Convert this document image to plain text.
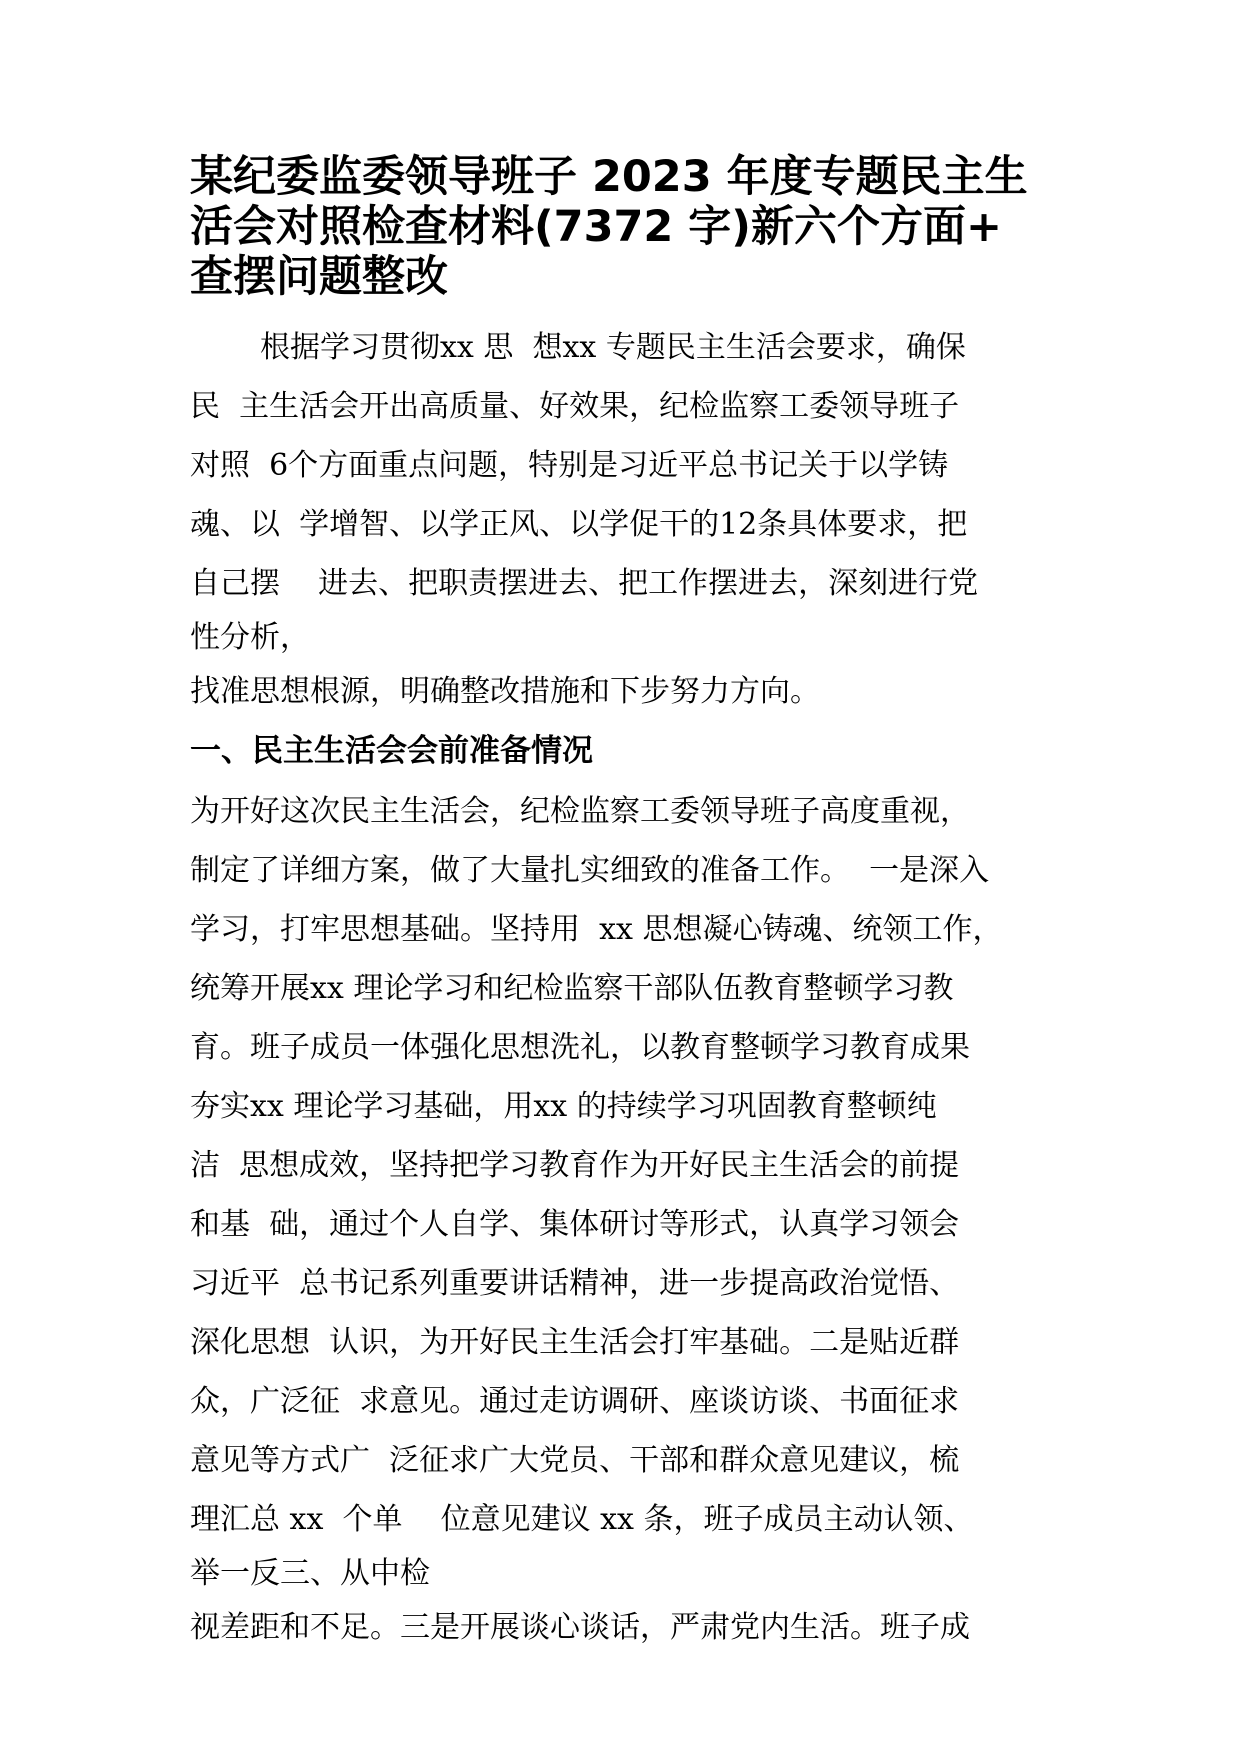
某纪委监委领导班子 2023 年度专题民主生
活会对照检查材料(7372 字)新六个方面+
查摆问题整改
根据学习贯彻xx 思  想xx 专题民主生活会要求，确保
民  主生活会开出高质量、好效果，纪检监察工委领导班子
对照  6个方面重点问题，特别是习近平总书记关于以学铸
魂、以  学增智、以学正风、以学促干的12条具体要求，把
自己摆    进去、把职责摆进去、把工作摆进去，深刻进行党
性分析，
找准思想根源，明确整改措施和下步努力方向。
一、民主生活会会前准备情况
为开好这次民主生活会，纪检监察工委领导班子高度重视，
制定了详细方案，做了大量扎实细致的准备工作。  一是深入
学习，打牢思想基础。坚持用  xx 思想凝心铸魂、统领工作，
统筹开展xx 理论学习和纪检监察干部队伍教育整顿学习教
育。班子成员一体强化思想洗礼，以教育整顿学习教育成果
夯实xx 理论学习基础，用xx 的持续学习巩固教育整顿纯
洁  思想成效，坚持把学习教育作为开好民主生活会的前提
和基  础，通过个人自学、集体研讨等形式，认真学习领会
习近平  总书记系列重要讲话精神，进一步提高政治觉悟、
深化思想  认识，为开好民主生活会打牢基础。二是贴近群
众，广泛征  求意见。通过走访调研、座谈访谈、书面征求
意见等方式广  泛征求广大党员、干部和群众意见建议，梳
理汇总 xx  个单    位意见建议 xx 条，班子成员主动认领、
举一反三、从中检
视差距和不足。三是开展谈心谈话，严肃党内生活。班子成
